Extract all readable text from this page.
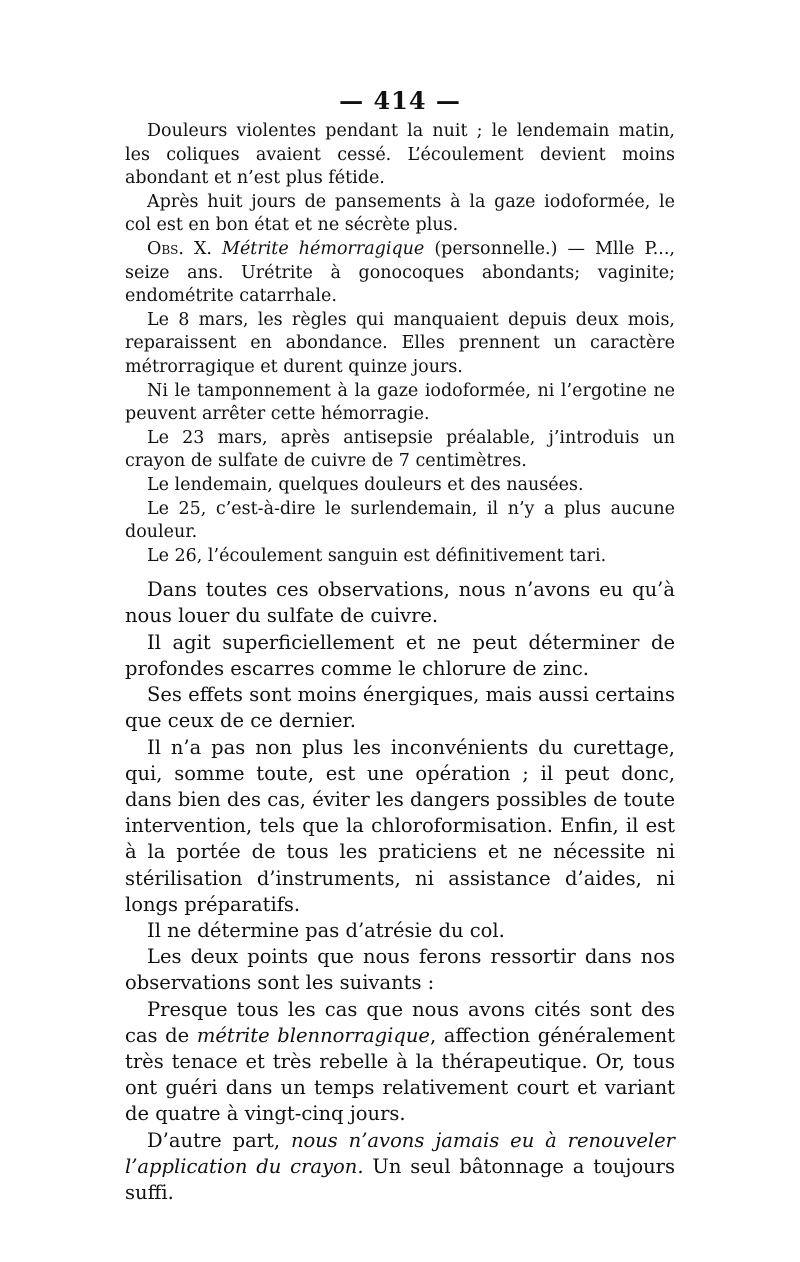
— 414 —

Douleurs violentes pendant la nuit ; le lendemain matin, les coliques avaient cessé. L’écoulement devient moins abondant et n’est plus fétide.

Après huit jours de pansements à la gaze iodoformée, le col est en bon état et ne sécrète plus.

Obs. X. Métrite hémorragique (personnelle.) — Mlle P..., seize ans. Urétrite à gonocoques abondants; vaginite; endométrite catarrhale.

Le 8 mars, les règles qui manquaient depuis deux mois, reparaissent en abondance. Elles prennent un caractère métrorragique et durent quinze jours.

Ni le tamponnement à la gaze iodoformée, ni l’ergotine ne peuvent arrêter cette hémorragie.

Le 23 mars, après antisepsie préalable, j’introduis un crayon de sulfate de cuivre de 7 centimètres.

Le lendemain, quelques douleurs et des nausées.

Le 25, c’est-à-dire le surlendemain, il n’y a plus aucune douleur.

Le 26, l’écoulement sanguin est définitivement tari.

Dans toutes ces observations, nous n’avons eu qu’à nous louer du sulfate de cuivre.

Il agit superficiellement et ne peut déterminer de profondes escarres comme le chlorure de zinc.

Ses effets sont moins énergiques, mais aussi certains que ceux de ce dernier.

Il n’a pas non plus les inconvénients du curettage, qui, somme toute, est une opération ; il peut donc, dans bien des cas, éviter les dangers possibles de toute intervention, tels que la chloroformisation. Enfin, il est à la portée de tous les praticiens et ne nécessite ni stérilisation d’instruments, ni assistance d’aides, ni longs préparatifs.

Il ne détermine pas d’atrésie du col.

Les deux points que nous ferons ressortir dans nos observations sont les suivants :

Presque tous les cas que nous avons cités sont des cas de métrite blennorragique, affection généralement très tenace et très rebelle à la thérapeutique. Or, tous ont guéri dans un temps relativement court et variant de quatre à vingt-cinq jours.

D’autre part, nous n’avons jamais eu à renouveler l’application du crayon. Un seul bâtonnage a toujours suffi.
